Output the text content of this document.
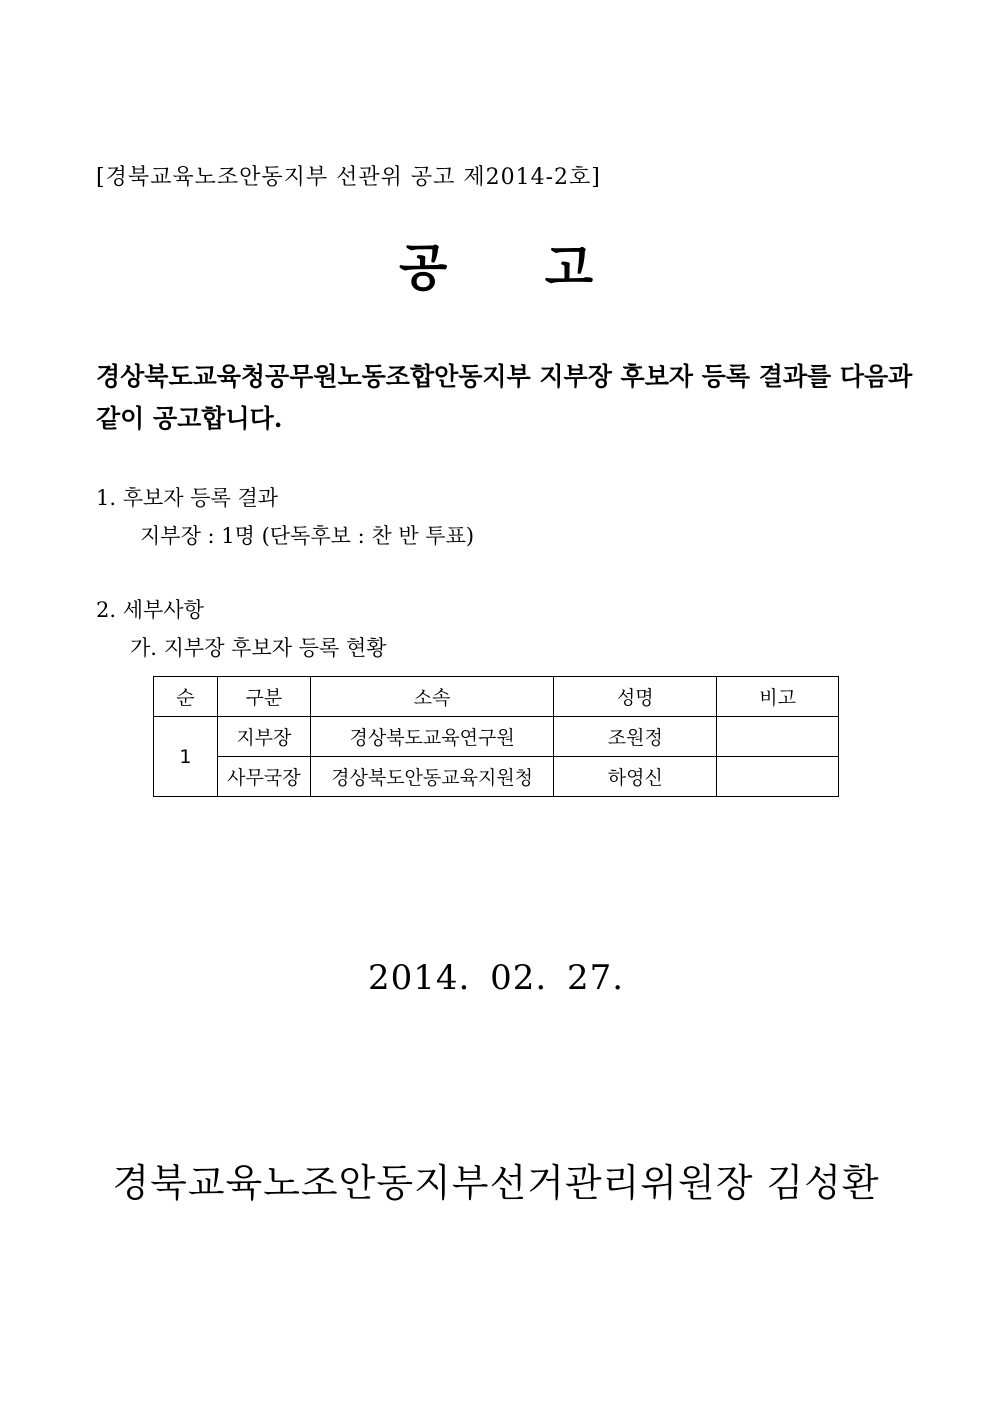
[경북교육노조안동지부 선관위 공고 제2014-2호]
공 고
경상북도교육청공무원노동조합안동지부 지부장 후보자 등록 결과를 다음과 같이 공고합니다.
1. 후보자 등록 결과
지부장 : 1명 (단독후보 : 찬 반 투표)
2. 세부사항
가. 지부장 후보자 등록 현황
순	구분	소속	성명	비고
1	지부장	경상북도교육연구원	조원정	
	사무국장	경상북도안동교육지원청	하영신	
2014. 02. 27.
경북교육노조안동지부선거관리위원장 김성환
